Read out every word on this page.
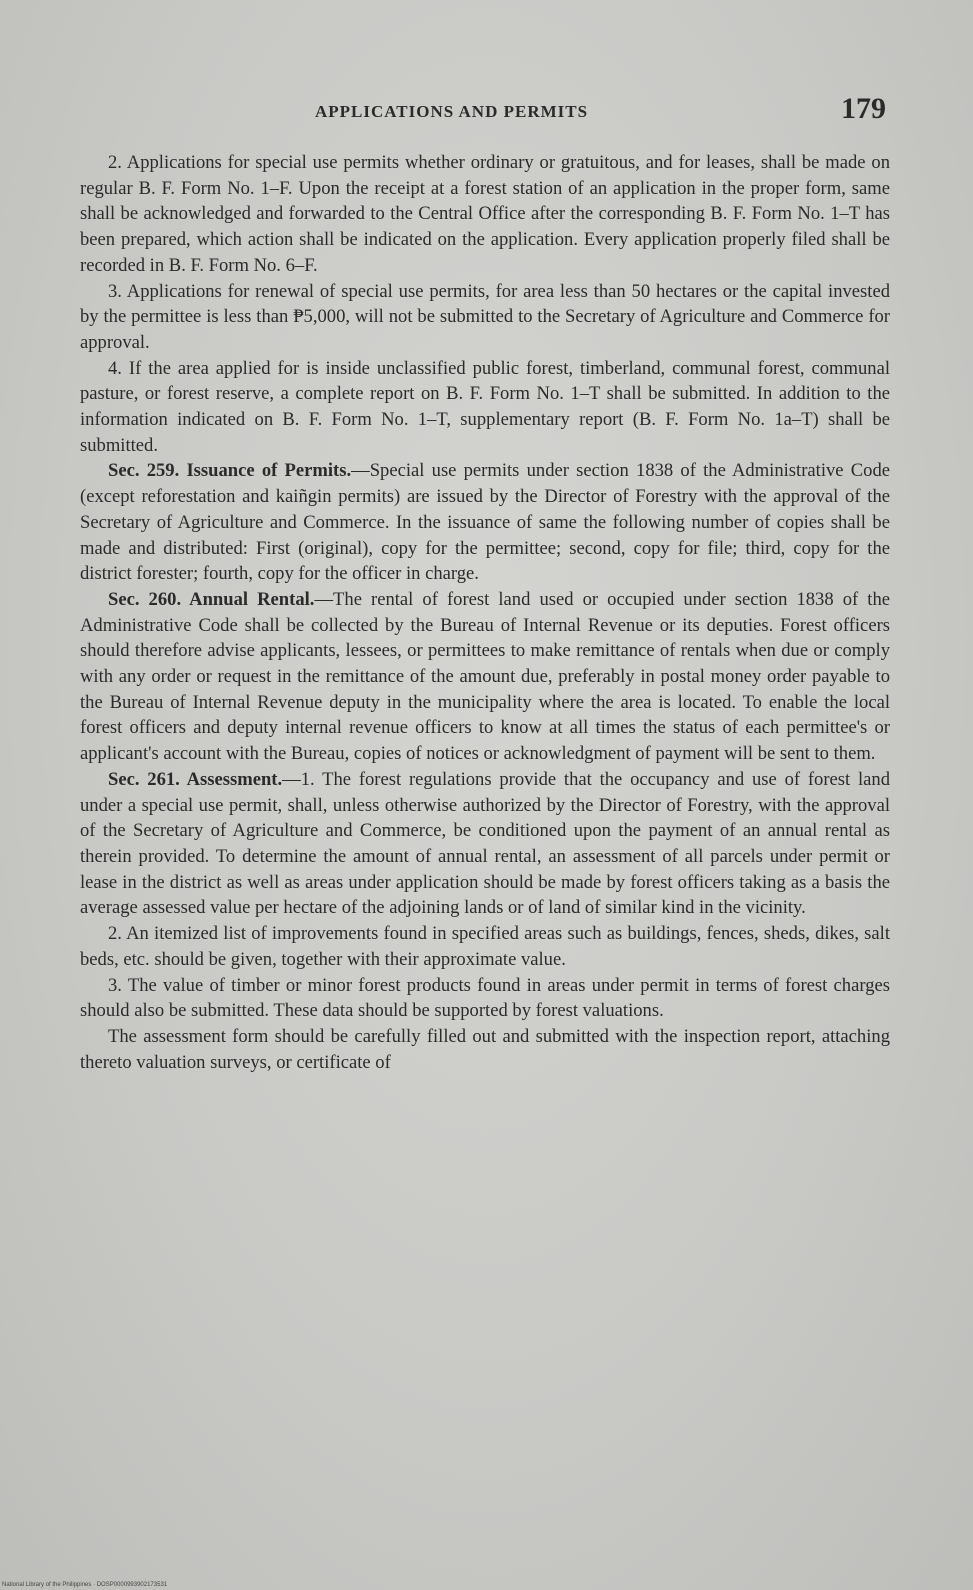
APPLICATIONS AND PERMITS	179

2. Applications for special use permits whether ordinary or gratuitous, and for leases, shall be made on regular B. F. Form No. 1–F. Upon the receipt at a forest station of an application in the proper form, same shall be acknowledged and forwarded to the Central Office after the corresponding B. F. Form No. 1–T has been prepared, which action shall be indicated on the application. Every application properly filed shall be recorded in B. F. Form No. 6–F.

3. Applications for renewal of special use permits, for area less than 50 hectares or the capital invested by the permittee is less than ₱5,000, will not be submitted to the Secretary of Agriculture and Commerce for approval.

4. If the area applied for is inside unclassified public forest, timberland, communal forest, communal pasture, or forest reserve, a complete report on B. F. Form No. 1–T shall be submitted. In addition to the information indicated on B. F. Form No. 1–T, supplementary report (B. F. Form No. 1a–T) shall be submitted.

Sec. 259. Issuance of Permits.—Special use permits under section 1838 of the Administrative Code (except reforestation and kaiñgin permits) are issued by the Director of Forestry with the approval of the Secretary of Agriculture and Commerce. In the issuance of same the following number of copies shall be made and distributed: First (original), copy for the permittee; second, copy for file; third, copy for the district forester; fourth, copy for the officer in charge.

Sec. 260. Annual Rental.—The rental of forest land used or occupied under section 1838 of the Administrative Code shall be collected by the Bureau of Internal Revenue or its deputies. Forest officers should therefore advise applicants, lessees, or permittees to make remittance of rentals when due or comply with any order or request in the remittance of the amount due, preferably in postal money order payable to the Bureau of Internal Revenue deputy in the municipality where the area is located. To enable the local forest officers and deputy internal revenue officers to know at all times the status of each permittee's or applicant's account with the Bureau, copies of notices or acknowledgment of payment will be sent to them.

Sec. 261. Assessment.—1. The forest regulations provide that the occupancy and use of forest land under a special use permit, shall, unless otherwise authorized by the Director of Forestry, with the approval of the Secretary of Agriculture and Commerce, be conditioned upon the payment of an annual rental as therein provided. To determine the amount of annual rental, an assessment of all parcels under permit or lease in the district as well as areas under application should be made by forest officers taking as a basis the average assessed value per hectare of the adjoining lands or of land of similar kind in the vicinity.

2. An itemized list of improvements found in specified areas such as buildings, fences, sheds, dikes, salt beds, etc. should be given, together with their approximate value.

3. The value of timber or minor forest products found in areas under permit in terms of forest charges should also be submitted. These data should be supported by forest valuations.

The assessment form should be carefully filled out and submitted with the inspection report, attaching thereto valuation surveys, or certificate of

National Library of the Philippines · DOSP0000993902173531
